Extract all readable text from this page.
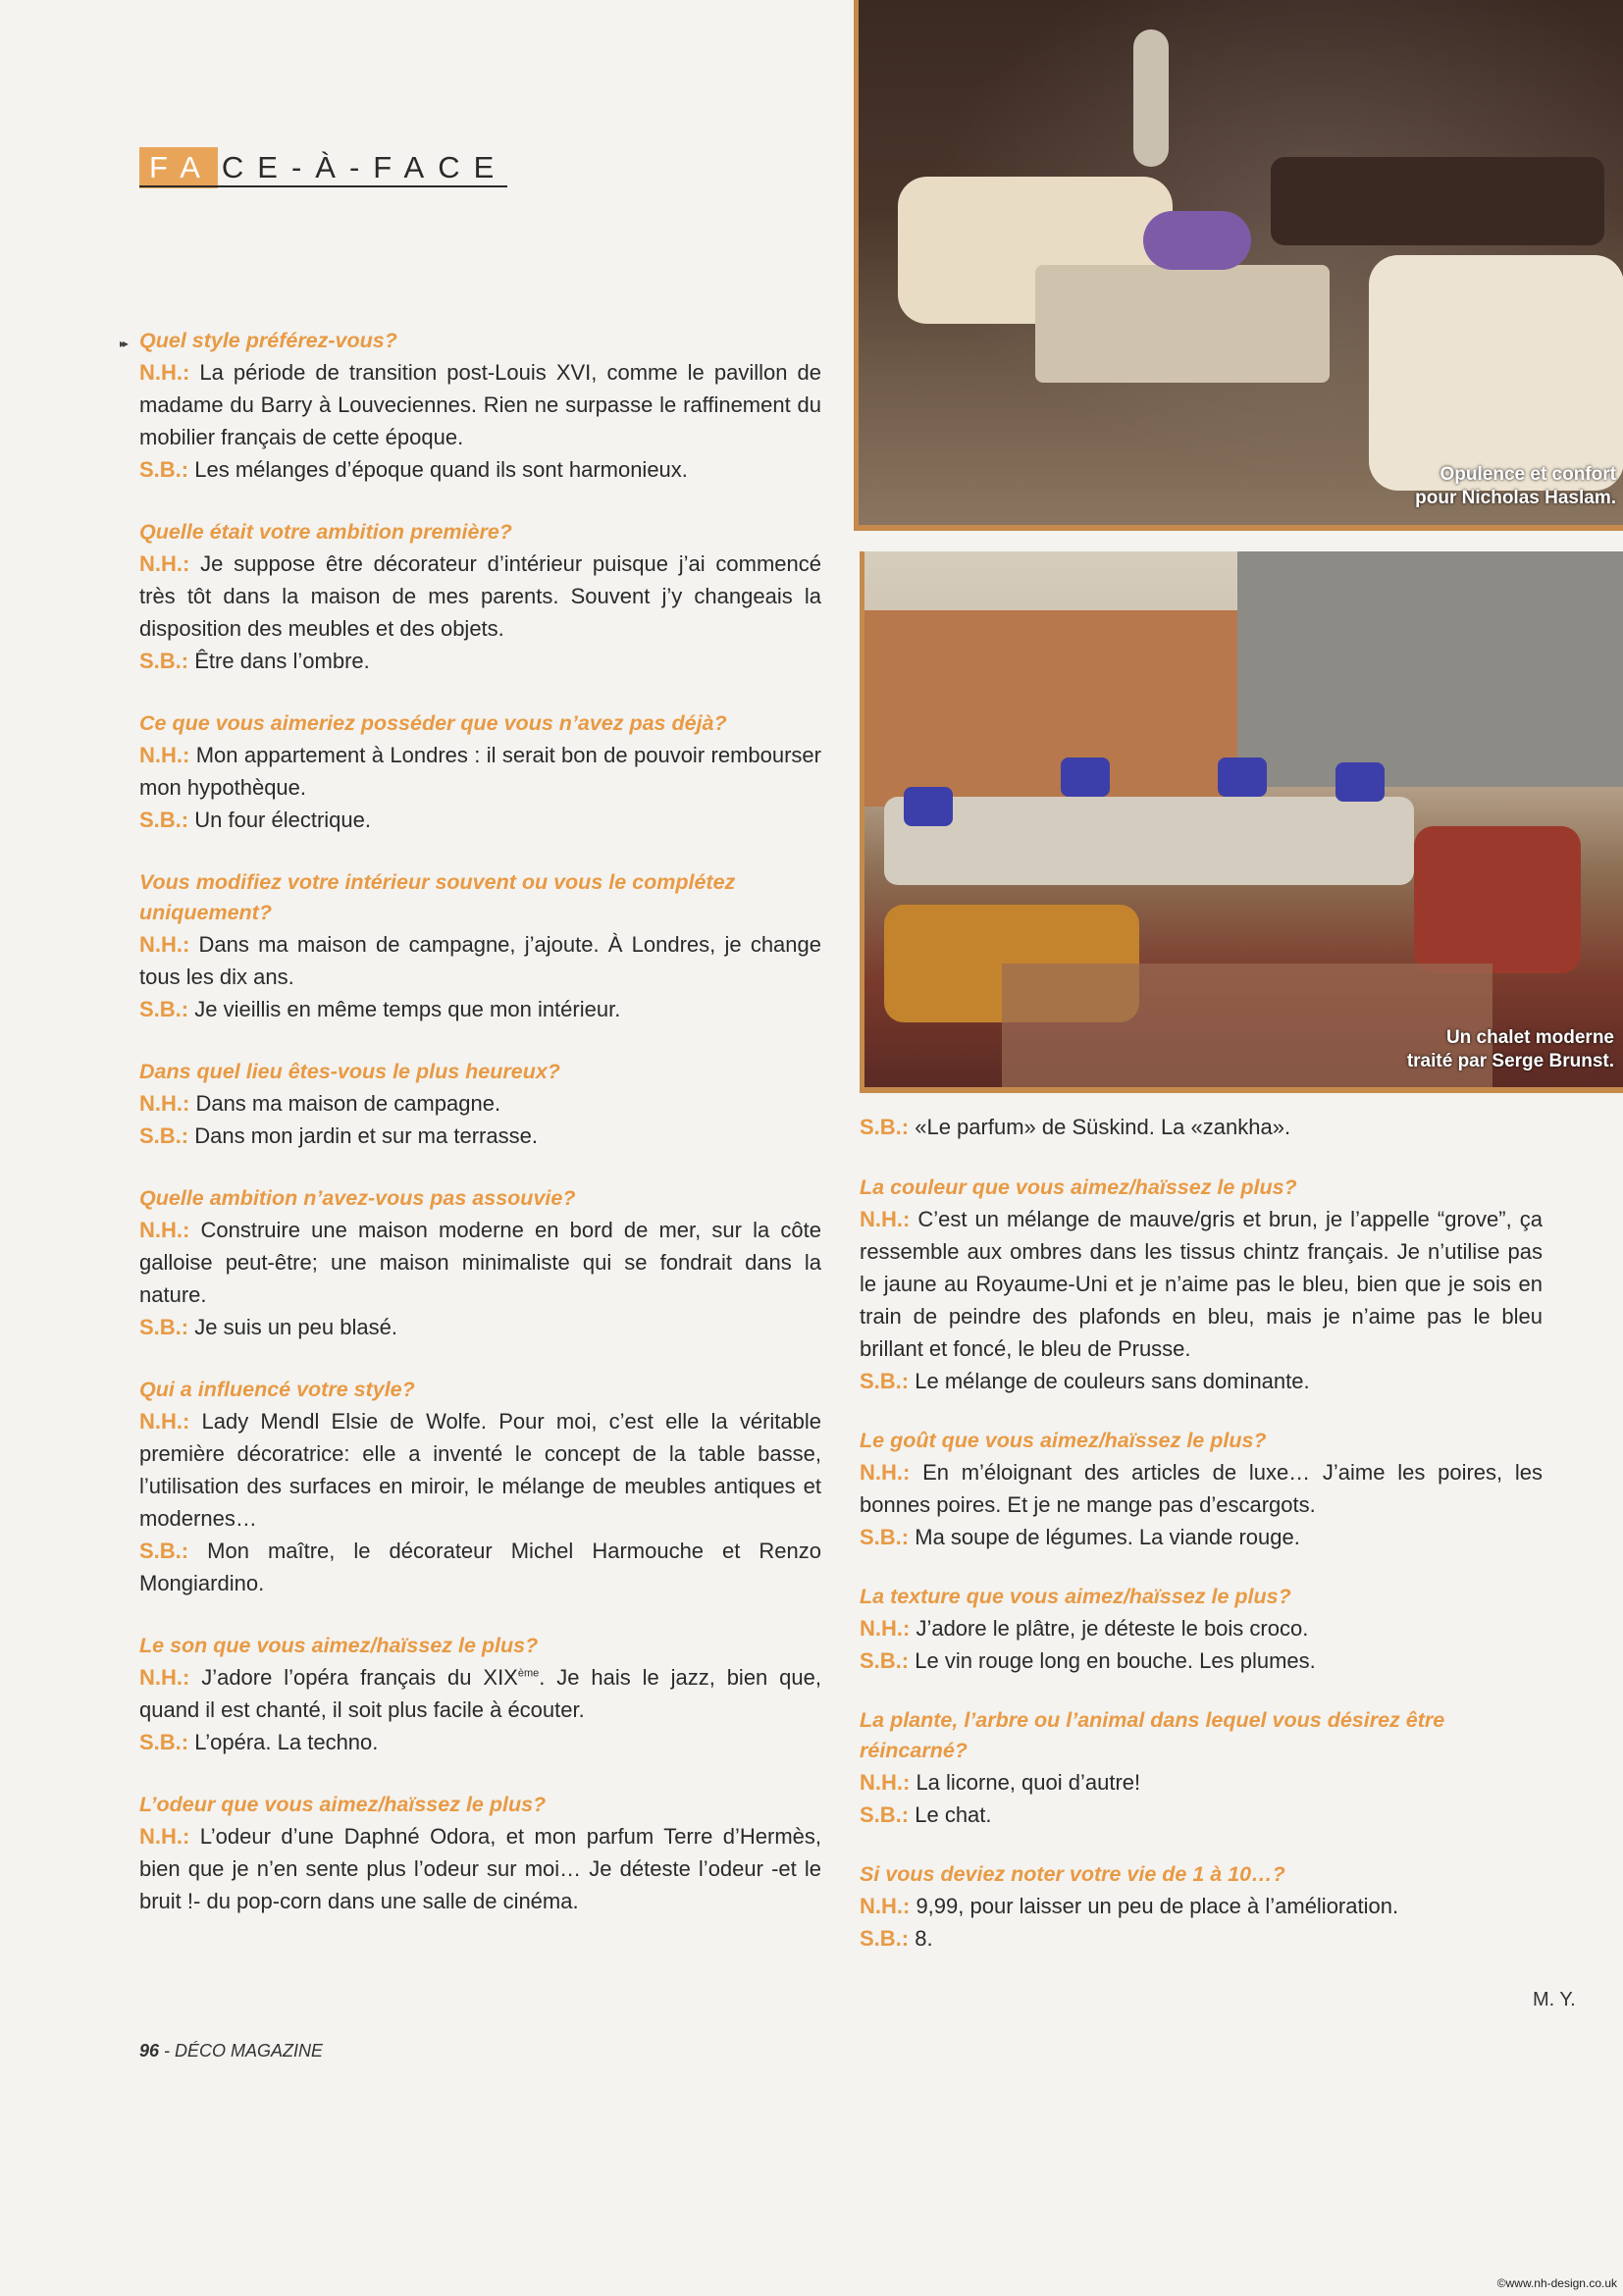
FA CE-À-FACE
▸▸ Quel style préférez-vous?
N.H.: La période de transition post-Louis XVI, comme le pavillon de madame du Barry à Louveciennes. Rien ne surpasse le raffinement du mobilier français de cette époque.
S.B.: Les mélanges d’époque quand ils sont harmonieux.
Quelle était votre ambition première?
N.H.: Je suppose être décorateur d’intérieur puisque j’ai commencé très tôt dans la maison de mes parents. Souvent j’y changeais la disposition des meubles et des objets.
S.B.: Être dans l’ombre.
Ce que vous aimeriez posséder que vous n’avez pas déjà?
N.H.: Mon appartement à Londres : il serait bon de pouvoir rembourser mon hypothèque.
S.B.: Un four électrique.
Vous modifiez votre intérieur souvent ou vous le complétez uniquement?
N.H.: Dans ma maison de campagne, j’ajoute. À Londres, je change tous les dix ans.
S.B.: Je vieillis en même temps que mon intérieur.
Dans quel lieu êtes-vous le plus heureux?
N.H.: Dans ma maison de campagne.
S.B.: Dans mon jardin et sur ma terrasse.
Quelle ambition n’avez-vous pas assouvie?
N.H.: Construire une maison moderne en bord de mer, sur la côte galloise peut-être; une maison minimaliste qui se fondrait dans la nature.
S.B.: Je suis un peu blasé.
Qui a influencé votre style?
N.H.: Lady Mendl Elsie de Wolfe. Pour moi, c’est elle la véritable première décoratrice: elle a inventé le concept de la table basse, l’utilisation des surfaces en miroir, le mélange de meubles antiques et modernes…
S.B.: Mon maître, le décorateur Michel Harmouche et Renzo Mongiardino.
Le son que vous aimez/haïssez le plus?
N.H.: J’adore l’opéra français du XIXème. Je hais le jazz, bien que, quand il est chanté, il soit plus facile à écouter.
S.B.: L’opéra. La techno.
L’odeur que vous aimez/haïssez le plus?
N.H.: L’odeur d’une Daphné Odora, et mon parfum Terre d’Hermès, bien que je n’en sente plus l’odeur sur moi… Je déteste l’odeur -et le bruit !- du pop-corn dans une salle de cinéma.
Opulence et confort
pour Nicholas Haslam.
Un chalet moderne
traité par Serge Brunst.
S.B.: «Le parfum» de Süskind. La «zankha».
La couleur que vous aimez/haïssez le plus?
N.H.: C’est un mélange de mauve/gris et brun, je l’appelle “grove”, ça ressemble aux ombres dans les tissus chintz français. Je n’utilise pas le jaune au Royaume-Uni et je n’aime pas le bleu, bien que je sois en train de peindre des plafonds en bleu, mais je n’aime pas le bleu brillant et foncé, le bleu de Prusse.
S.B.: Le mélange de couleurs sans dominante.
Le goût que vous aimez/haïssez le plus?
N.H.: En m’éloignant des articles de luxe… J’aime les poires, les bonnes poires. Et je ne mange pas d’escargots.
S.B.: Ma soupe de légumes. La viande rouge.
La texture que vous aimez/haïssez le plus?
N.H.: J’adore le plâtre, je déteste le bois croco.
S.B.: Le vin rouge long en bouche. Les plumes.
La plante, l’arbre ou l’animal dans lequel vous désirez être réincarné?
N.H.: La licorne, quoi d’autre!
S.B.: Le chat.
Si vous deviez noter votre vie de 1 à 10…?
N.H.: 9,99, pour laisser un peu de place à l’amélioration.
S.B.: 8.
M. Y.
96 - DÉCO MAGAZINE
©www.nh-design.co.uk
